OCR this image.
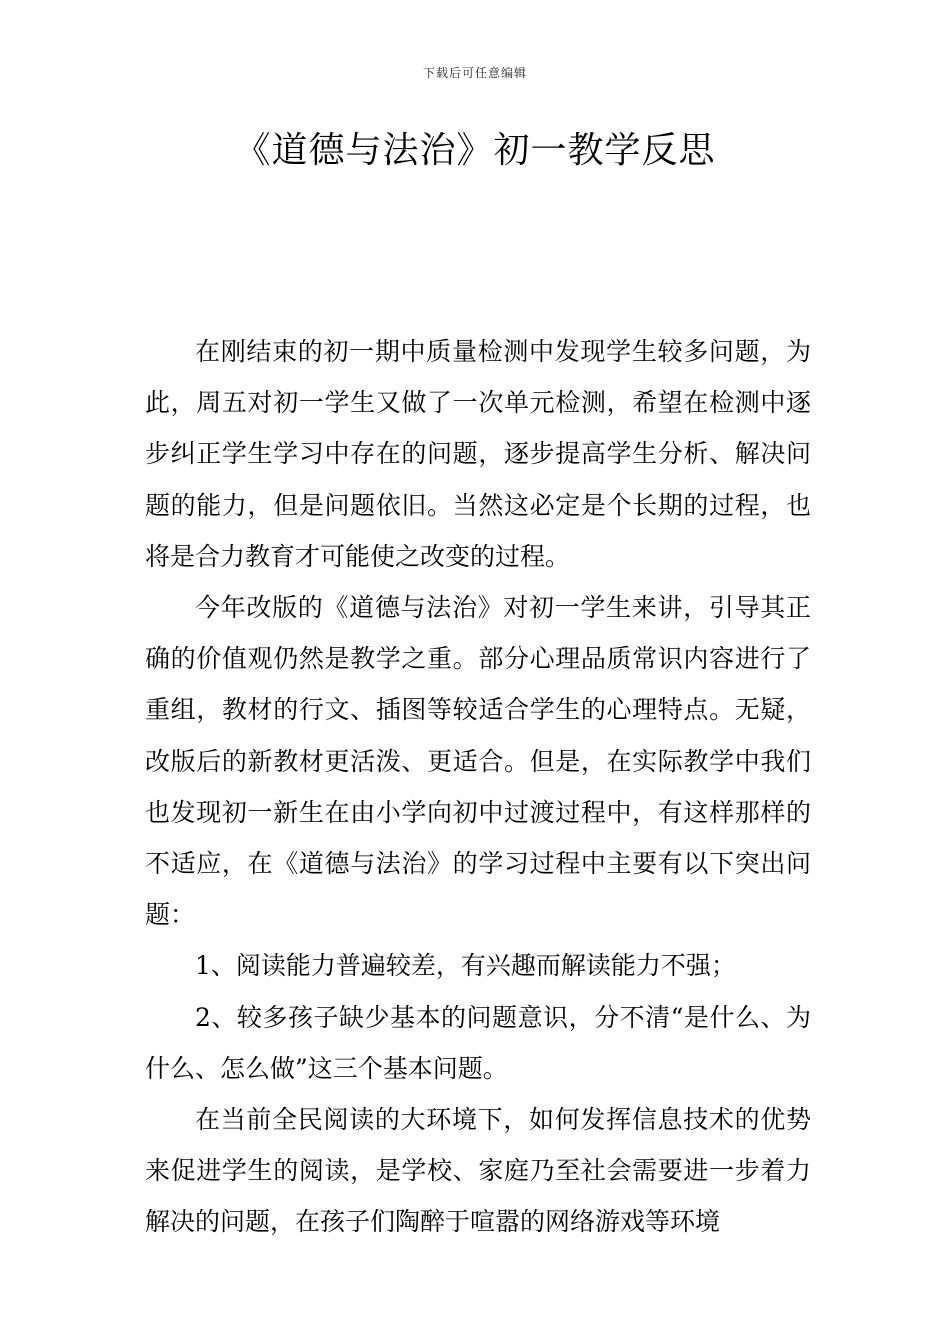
下载后可任意编辑
《道德与法治》初一教学反思

在刚结束的初一期中质量检测中发现学生较多问题，为此，周五对初一学生又做了一次单元检测，希望在检测中逐步纠正学生学习中存在的问题，逐步提高学生分析、解决问题的能力，但是问题依旧。当然这必定是个长期的过程，也将是合力教育才可能使之改变的过程。

今年改版的《道德与法治》对初一学生来讲，引导其正确的价值观仍然是教学之重。部分心理品质常识内容进行了重组，教材的行文、插图等较适合学生的心理特点。无疑，改版后的新教材更活泼、更适合。但是，在实际教学中我们也发现初一新生在由小学向初中过渡过程中，有这样那样的不适应，在《道德与法治》的学习过程中主要有以下突出问题：

1、阅读能力普遍较差，有兴趣而解读能力不强；

2、较多孩子缺少基本的问题意识，分不清“是什么、为什么、怎么做”这三个基本问题。

在当前全民阅读的大环境下，如何发挥信息技术的优势来促进学生的阅读，是学校、家庭乃至社会需要进一步着力解决的问题，在孩子们陶醉于喧嚣的网络游戏等环境
